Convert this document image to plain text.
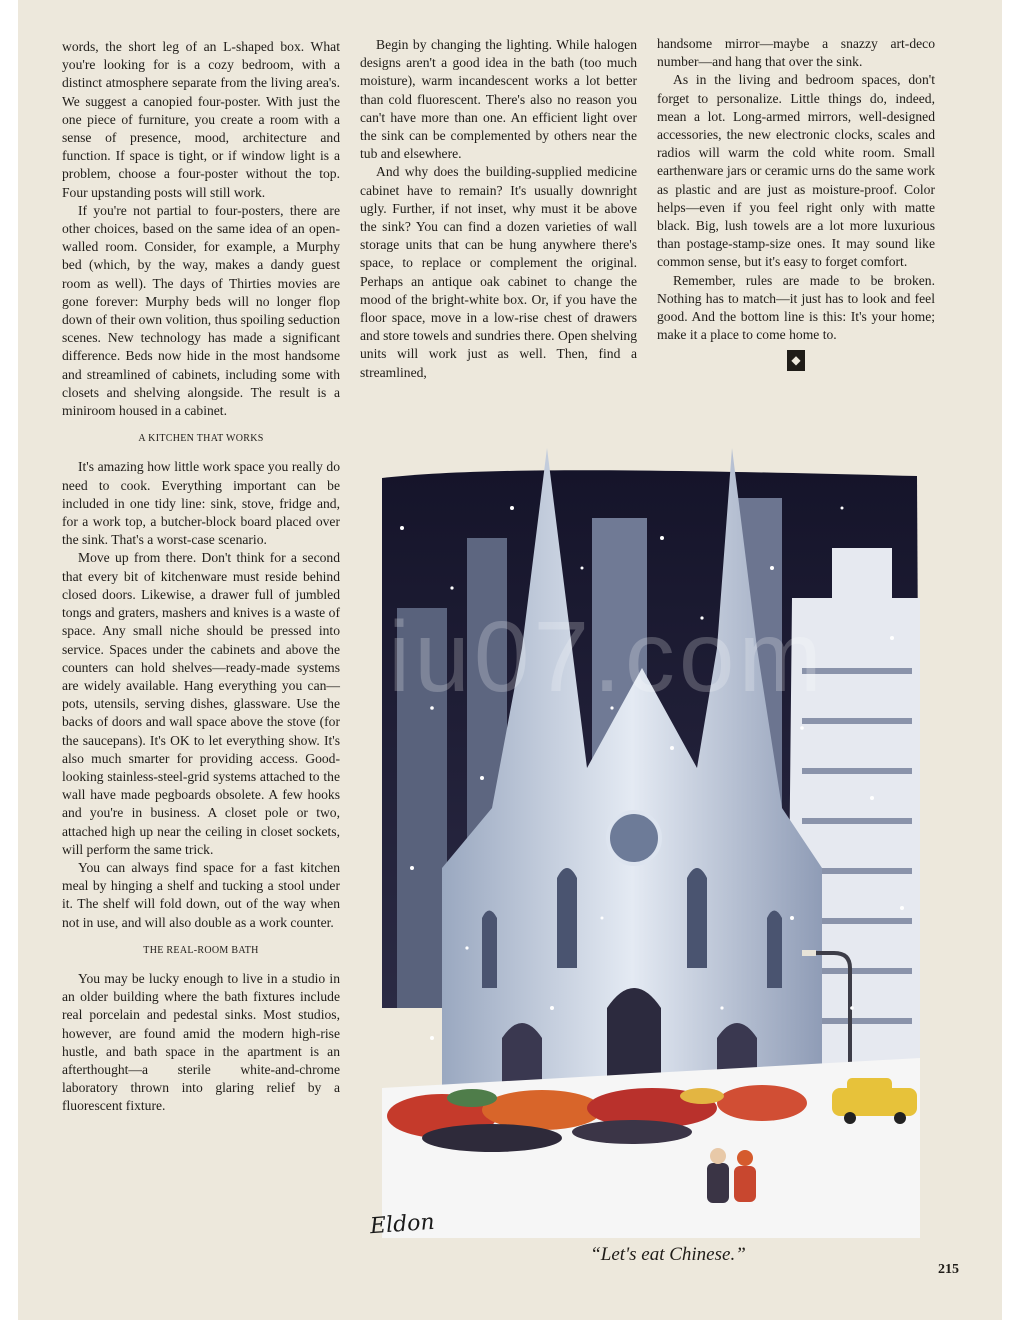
words, the short leg of an L-shaped box. What you're looking for is a cozy bedroom, with a distinct atmosphere separate from the living area's. We suggest a canopied four-poster. With just the one piece of furniture, you create a room with a sense of presence, mood, architecture and function. If space is tight, or if window light is a problem, choose a four-poster without the top. Four upstanding posts will still work.

If you're not partial to four-posters, there are other choices, based on the same idea of an open-walled room. Consider, for example, a Murphy bed (which, by the way, makes a dandy guest room as well). The days of Thirties movies are gone forever: Murphy beds will no longer flop down of their own volition, thus spoiling seduction scenes. New technology has made a significant difference. Beds now hide in the most handsome and streamlined of cabinets, including some with closets and shelving alongside. The result is a miniroom housed in a cabinet.

A KITCHEN THAT WORKS

It's amazing how little work space you really do need to cook. Everything important can be included in one tidy line: sink, stove, fridge and, for a work top, a butcher-block board placed over the sink. That's a worst-case scenario.

Move up from there. Don't think for a second that every bit of kitchenware must reside behind closed doors. Likewise, a drawer full of jumbled tongs and graters, mashers and knives is a waste of space. Any small niche should be pressed into service. Spaces under the cabinets and above the counters can hold shelves—ready-made systems are widely available. Hang everything you can—pots, utensils, serving dishes, glassware. Use the backs of doors and wall space above the stove (for the saucepans). It's OK to let everything show. It's also much smarter for providing access. Good-looking stainless-steel-grid systems attached to the wall have made pegboards obsolete. A few hooks and you're in business. A closet pole or two, attached high up near the ceiling in closet sockets, will perform the same trick.

You can always find space for a fast kitchen meal by hinging a shelf and tucking a stool under it. The shelf will fold down, out of the way when not in use, and will also double as a work counter.

THE REAL-ROOM BATH

You may be lucky enough to live in a studio in an older building where the bath fixtures include real porcelain and pedestal sinks. Most studios, however, are found amid the modern high-rise hustle, and bath space in the apartment is an afterthought—a sterile white-and-chrome laboratory thrown into glaring relief by a fluorescent fixture.

Begin by changing the lighting. While halogen designs aren't a good idea in the bath (too much moisture), warm incandescent works a lot better than cold fluorescent. There's also no reason you can't have more than one. An efficient light over the sink can be complemented by others near the tub and elsewhere.

And why does the building-supplied medicine cabinet have to remain? It's usually downright ugly. Further, if not inset, why must it be above the sink? You can find a dozen varieties of wall storage units that can be hung anywhere there's space, to replace or complement the original. Perhaps an antique oak cabinet to change the mood of the bright-white box. Or, if you have the floor space, move in a low-rise chest of drawers and store towels and sundries there. Open shelving units will work just as well. Then, find a streamlined,

handsome mirror—maybe a snazzy art-deco number—and hang that over the sink.

As in the living and bedroom spaces, don't forget to personalize. Little things do, indeed, mean a lot. Long-armed mirrors, well-designed accessories, the new electronic clocks, scales and radios will warm the cold white room. Small earthenware jars or ceramic urns do the same work as plastic and are just as moisture-proof. Color helps—even if you feel right only with matte black. Big, lush towels are a lot more luxurious than postage-stamp-size ones. It may sound like common sense, but it's easy to forget comfort.

Remember, rules are made to be broken. Nothing has to match—it just has to look and feel good. And the bottom line is this: It's your home; make it a place to come home to.

◆
iu07.com
Eldon
“Let's eat Chinese.”
215
